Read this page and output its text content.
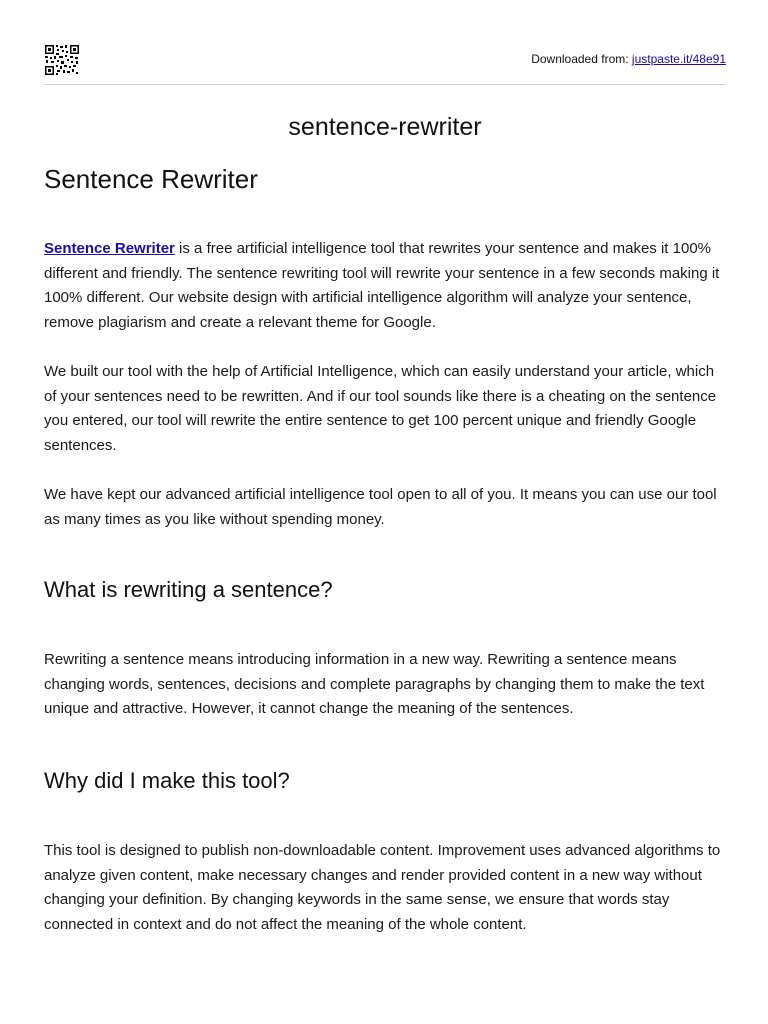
Downloaded from: justpaste.it/48e91
sentence-rewriter
Sentence Rewriter

Sentence Rewriter is a free artificial intelligence tool that rewrites your sentence and makes it 100% different and friendly. The sentence rewriting tool will rewrite your sentence in a few seconds making it 100% different. Our website design with artificial intelligence algorithm will analyze your sentence, remove plagiarism and create a relevant theme for Google.

We built our tool with the help of Artificial Intelligence, which can easily understand your article, which of your sentences need to be rewritten. And if our tool sounds like there is a cheating on the sentence you entered, our tool will rewrite the entire sentence to get 100 percent unique and friendly Google sentences.

We have kept our advanced artificial intelligence tool open to all of you. It means you can use our tool as many times as you like without spending money.

What is rewriting a sentence?

Rewriting a sentence means introducing information in a new way. Rewriting a sentence means changing words, sentences, decisions and complete paragraphs by changing them to make the text unique and attractive. However, it cannot change the meaning of the sentences.

Why did I make this tool?

This tool is designed to publish non-downloadable content. Improvement uses advanced algorithms to analyze given content, make necessary changes and render provided content in a new way without changing your definition. By changing keywords in the same sense, we ensure that words stay connected in context and do not affect the meaning of the whole content.
